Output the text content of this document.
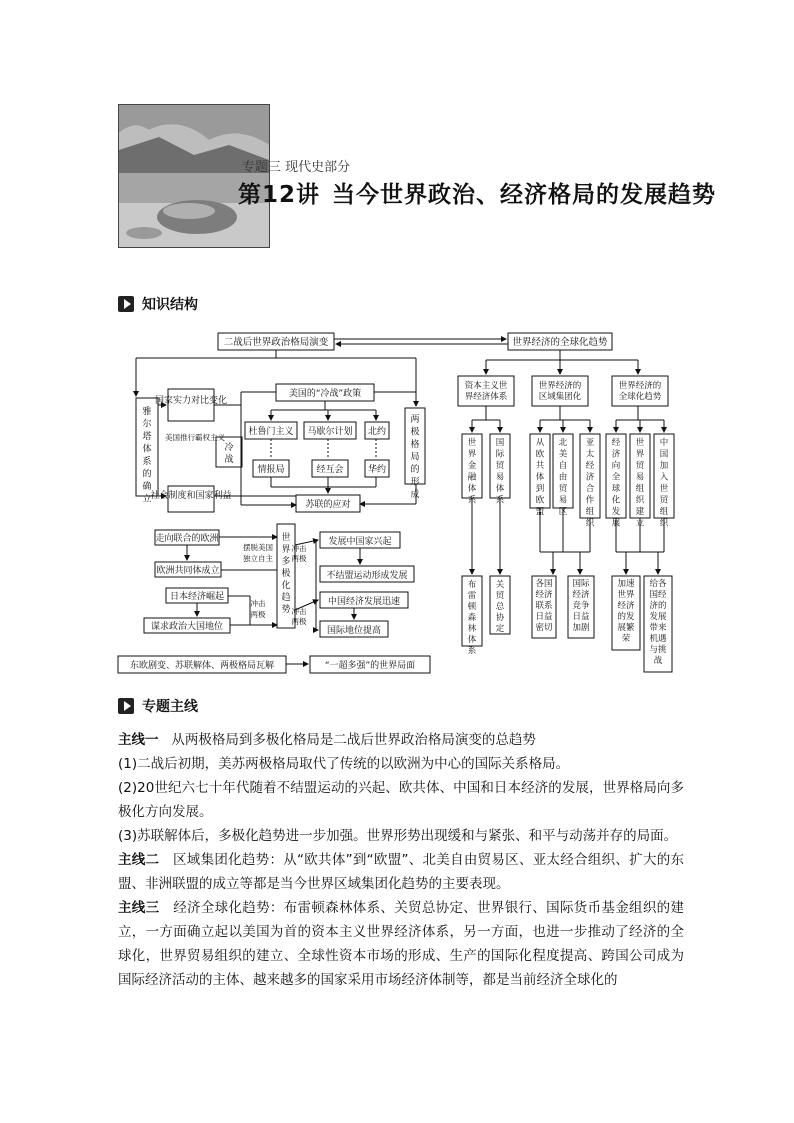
专题三 现代史部分
第12讲 当今世界政治、经济格局的发展趋势
知识结构
二战后世界政治格局演变	世界经济的全球化趋势
国家实力对比变化
社会制度和国家利益
美国推行霸权主义
美国的“冷战”政策
杜鲁门主义 马歇尔计划 北约
情报局	经互会	华约
苏联的应对
走向联合的欧洲
欧洲共同体成立
日本经济崛起
谋求政治大国地位
发展中国家兴起
不结盟运动形成发展
中国经济发展迅速
国际地位提高
东欧剧变、苏联解体、两极格局瓦解	“一超多强”的世界局面
雅尔塔体系的确立
冷战
两极格局的形成
世界多极化趋势
世界金融体系
国际贸易体系
从欧共体到欧盟
北美自由贸易区
亚太经济合作组织
经济向全球化发展
世界贸易组织建立
中国加入世贸组织
布雷顿森林体系
关贸总协定
摆脱美国独立自主
冲击两极
冲击两极	冲击两极
资本主义世界经济体系
世界经济的区域集团化
世界经济的全球化趋势
各国经济联系日益密切
国际经济竞争日益加剧
加速世界经济的发展繁荣
给各国经济的发展带来机遇与挑战
专题主线

主线一 从两极格局到多极化格局是二战后世界政治格局演变的总趋势

(1)二战后初期，美苏两极格局取代了传统的以欧洲为中心的国际关系格局。

(2)20世纪六七十年代随着不结盟运动的兴起、欧共体、中国和日本经济的发展，世界格局向多极化方向发展。

(3)苏联解体后，多极化趋势进一步加强。世界形势出现缓和与紧张、和平与动荡并存的局面。

主线二 区域集团化趋势：从“欧共体”到“欧盟”、北美自由贸易区、亚太经合组织、扩大的东盟、非洲联盟的成立等都是当今世界区域集团化趋势的主要表现。

主线三 经济全球化趋势：布雷顿森林体系、关贸总协定、世界银行、国际货币基金组织的建立，一方面确立起以美国为首的资本主义世界经济体系，另一方面，也进一步推动了经济的全球化，世界贸易组织的建立、全球性资本市场的形成、生产的国际化程度提高、跨国公司成为国际经济活动的主体、越来越多的国家采用市场经济体制等，都是当前经济全球化的
